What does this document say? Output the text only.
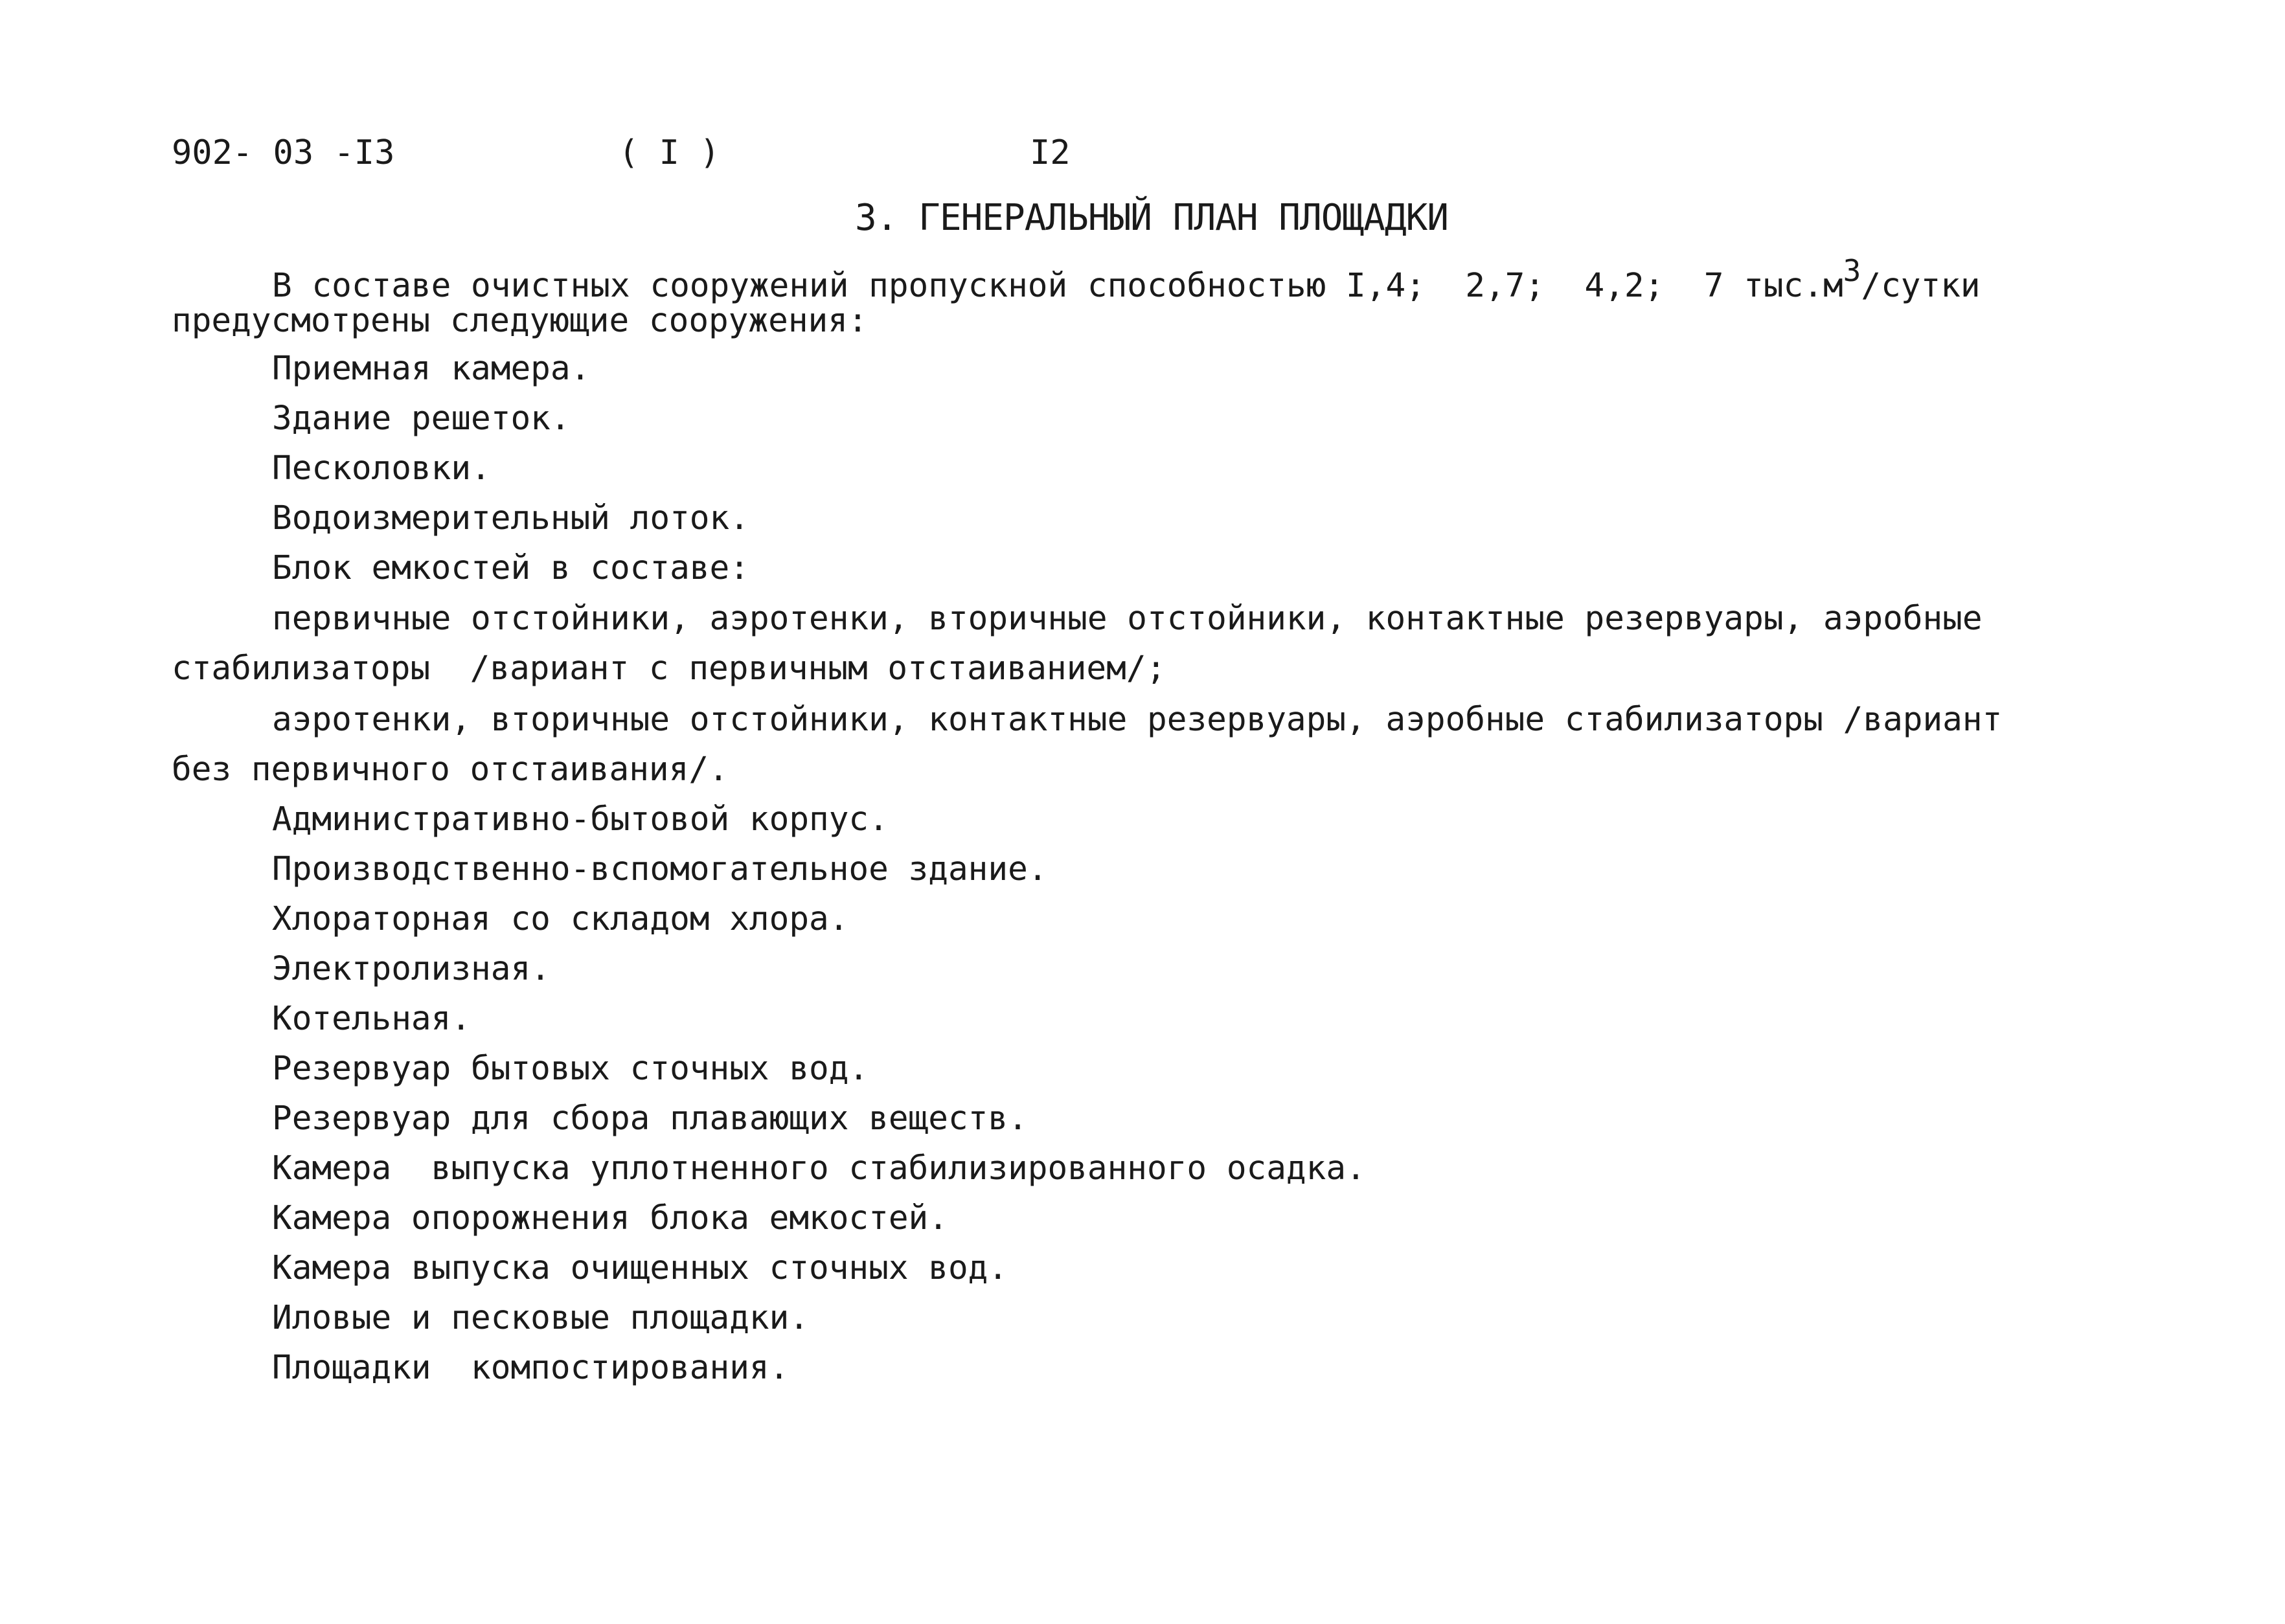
902- 03 -I3	( I )	I2
3. ГЕНЕРАЛЬНЫЙ ПЛАН ПЛОЩАДКИ
В составе очистных сооружений пропускной способностью I,4;  2,7;  4,2;  7 $тыс.м^3$/сутки
предусмотрены следующие сооружения:
Приемная камера.
Здание решеток.
Песколовки.
Водоизмерительный лоток.
Блок емкостей в составе:
первичные отстойники, аэротенки, вторичные отстойники, контактные резервуары, аэробные
стабилизаторы  /вариант с первичным отстаиванием/;
аэротенки, вторичные отстойники, контактные резервуары, аэробные стабилизаторы /вариант
без первичного отстаивания/.
Административно-бытовой корпус.
Производственно-вспомогательное здание.
Хлораторная со складом хлора.
Электролизная.
Котельная.
Резервуар бытовых сточных вод.
Резервуар для сбора плавающих веществ.
Камера  выпуска уплотненного стабилизированного осадка.
Камера опорожнения блока емкостей.
Камера выпуска очищенных сточных вод.
Иловые и песковые площадки.
Площадки  компостирования.
